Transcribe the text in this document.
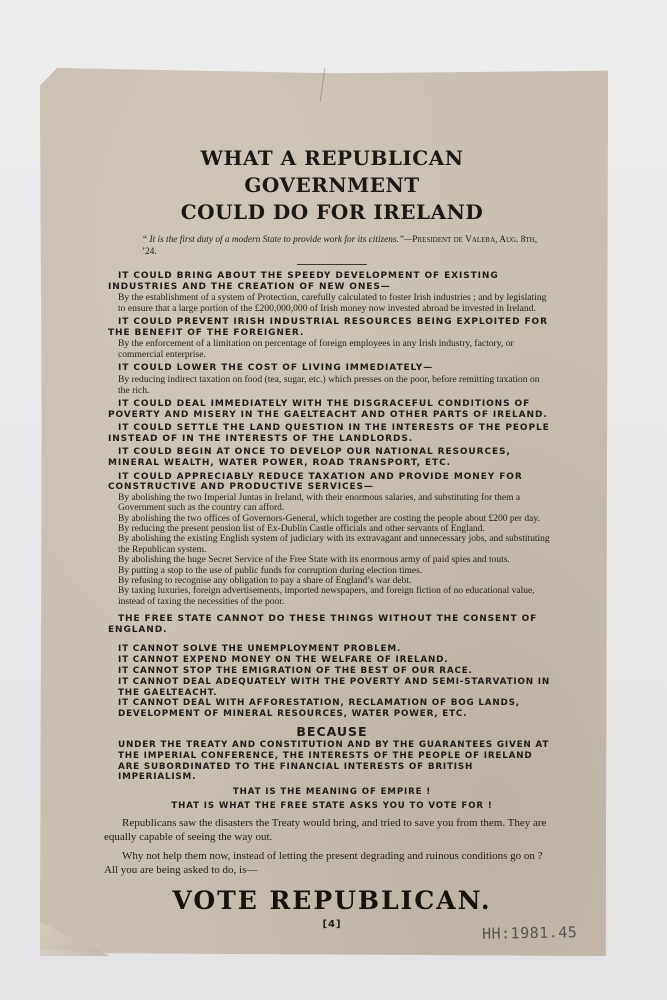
WHAT A REPUBLICAN GOVERNMENT
COULD DO FOR IRELAND
“ It is the first duty of a modern State to provide work for its citizens.”—President de Valera, Aug. 8th, ’24.
IT COULD BRING ABOUT THE SPEEDY DEVELOPMENT OF EXISTING INDUSTRIES AND THE CREATION OF NEW ONES—
By the establishment of a system of Protection, carefully calculated to foster Irish industries ; and by legislating to ensure that a large portion of the £200,000,000 of Irish money now invested abroad be invested in Ireland.
IT COULD PREVENT IRISH INDUSTRIAL RESOURCES BEING EXPLOITED FOR THE BENEFIT OF THE FOREIGNER.
By the enforcement of a limitation on percentage of foreign employees in any Irish industry, factory, or commercial enterprise.
IT COULD LOWER THE COST OF LIVING IMMEDIATELY—
By reducing indirect taxation on food (tea, sugar, etc.) which presses on the poor, before remitting taxation on the rich.
IT COULD DEAL IMMEDIATELY WITH THE DISGRACEFUL CONDITIONS OF POVERTY AND MISERY IN THE GAELTEACHT AND OTHER PARTS OF IRELAND.
IT COULD SETTLE THE LAND QUESTION IN THE INTERESTS OF THE PEOPLE INSTEAD OF IN THE INTERESTS OF THE LANDLORDS.
IT COULD BEGIN AT ONCE TO DEVELOP OUR NATIONAL RESOURCES, MINERAL WEALTH, WATER POWER, ROAD TRANSPORT, ETC.
IT COULD APPRECIABLY REDUCE TAXATION AND PROVIDE MONEY FOR CONSTRUCTIVE AND PRODUCTIVE SERVICES—
By abolishing the two Imperial Juntas in Ireland, with their enormous salaries, and substituting for them a Government such as the country can afford.
By abolishing the two offices of Governors-General, which together are costing the people about £200 per day.
By reducing the present pension list of Ex-Dublin Castle officials and other servants of England.
By abolishing the existing English system of judiciary with its extravagant and unnecessary jobs, and substituting the Republican system.
By abolishing the huge Secret Service of the Free State with its enormous army of paid spies and touts.
By putting a stop to the use of public funds for corruption during election times.
By refusing to recognise any obligation to pay a share of England’s war debt.
By taxing luxuries, foreign advertisements, imported newspapers, and foreign fiction of no educational value, instead of taxing the necessities of the poor.
THE FREE STATE CANNOT DO THESE THINGS WITHOUT THE CONSENT OF ENGLAND.
IT CANNOT SOLVE THE UNEMPLOYMENT PROBLEM.
IT CANNOT EXPEND MONEY ON THE WELFARE OF IRELAND.
IT CANNOT STOP THE EMIGRATION OF THE BEST OF OUR RACE.
IT CANNOT DEAL ADEQUATELY WITH THE POVERTY AND SEMI-STARVATION IN THE GAELTEACHT.
IT CANNOT DEAL WITH AFFORESTATION, RECLAMATION OF BOG LANDS, DEVELOPMENT OF MINERAL RESOURCES, WATER POWER, ETC.
BECAUSE
UNDER THE TREATY AND CONSTITUTION AND BY THE GUARANTEES GIVEN AT THE IMPERIAL CONFERENCE, THE INTERESTS OF THE PEOPLE OF IRELAND ARE SUBORDINATED TO THE FINANCIAL INTERESTS OF BRITISH IMPERIALISM.
THAT IS THE MEANING OF EMPIRE !
THAT IS WHAT THE FREE STATE ASKS YOU TO VOTE FOR !
Republicans saw the disasters the Treaty would bring, and tried to save you from them. They are equally capable of seeing the way out.
Why not help them now, instead of letting the present degrading and ruinous conditions go on ? All you are being asked to do, is—
VOTE REPUBLICAN.
[4]	HH:1981.45
